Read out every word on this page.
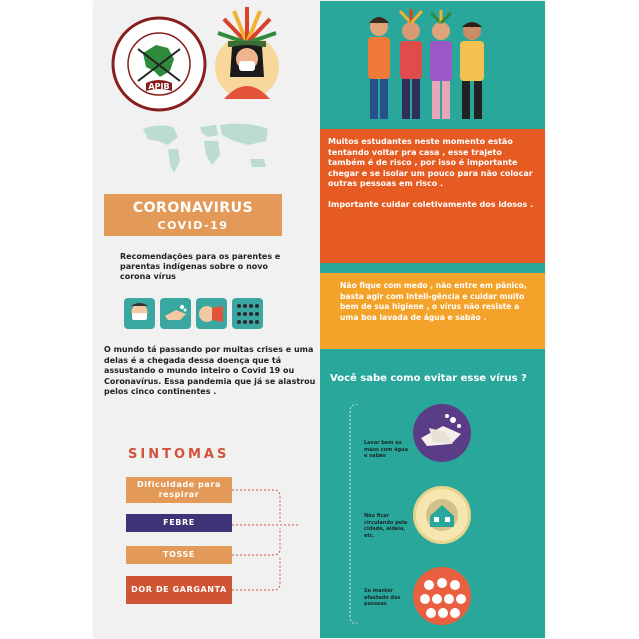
APIB
CORONAVIRUS
COVID-19
Recomendações para os parentes e parentas indígenas sobre o novo corona vírus
O mundo tá passando por muitas crises e uma delas é a chegada dessa doença que tá assustando o mundo inteiro o Covid 19 ou Coronavírus. Essa pandemia que já se alastrou pelos cinco continentes .
SINTOMAS
Dificuldade para respirar
FEBRE
TOSSE
DOR DE GARGANTA
Muitos estudantes neste momento estão tentando voltar pra casa , esse trajeto também é de risco , por isso é importante chegar e se isolar um pouco para não colocar outras pessoas em risco .
Importante cuidar coletivamente dos idosos .
Não fique com medo , não entre em pânico, basta agir com inteli-gência e cuidar muito bem de sua higiene , o vírus não resiste a uma boa lavada de água e sabão .
Você sabe como evitar esse vírus ?
Lavar bem as mãos com água e sabão
Não ficar circulando pela cidade, aldeia, etc.
Se manter afastado das pessoas
